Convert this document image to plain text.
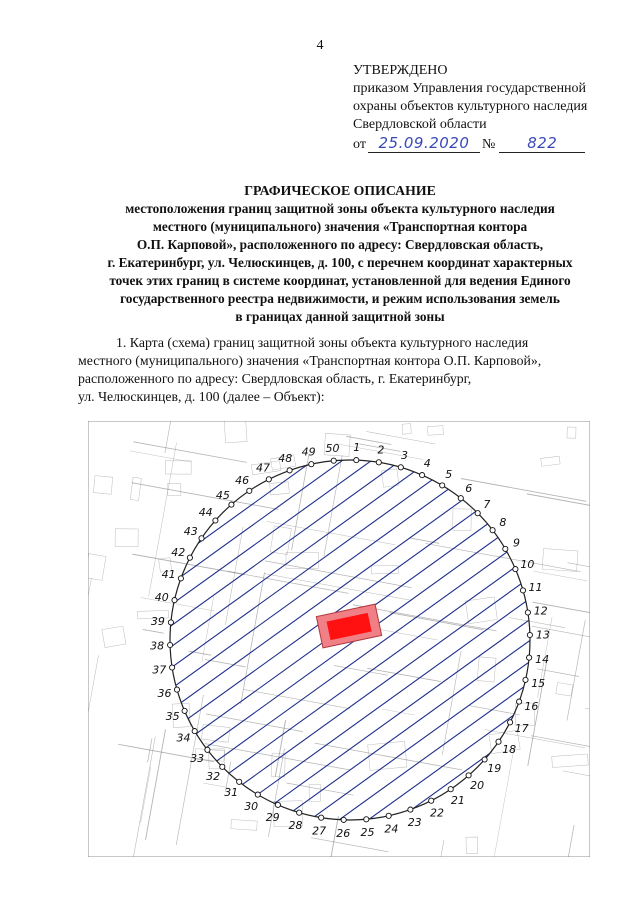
4
УТВЕРЖДЕНО
приказом Управления государственной
охраны объектов культурного наследия
Свердловской области
от 25.09.2020 №	822
ГРАФИЧЕСКОЕ ОПИСАНИЕ
местоположения границ защитной зоны объекта культурного наследия
местного (муниципального) значения «Транспортная контора
О.П. Карповой», расположенного по адресу: Свердловская область,
г. Екатеринбург, ул. Челюскинцев, д. 100, с перечнем координат характерных
точек этих границ в системе координат, установленной для ведения Единого
государственного реестра недвижимости, и режим использования земель
в границах данной защитной зоны
1. Карта (схема) границ защитной зоны объекта культурного наследия
местного (муниципального) значения «Транспортная контора О.П. Карповой»,
расположенного по адресу: Свердловская область, г. Екатеринбург,
ул. Челюскинцев, д. 100 (далее – Объект):
1 2 3
4
5
6
7
8
9
10
11
12
13
14
15
16
17
18
19
20
21
22
23
24
25
26
27
28
29
30
31
32
33
34
35
36
37
38
39
40
41
42
43
44
45
46
47
48
49 50
